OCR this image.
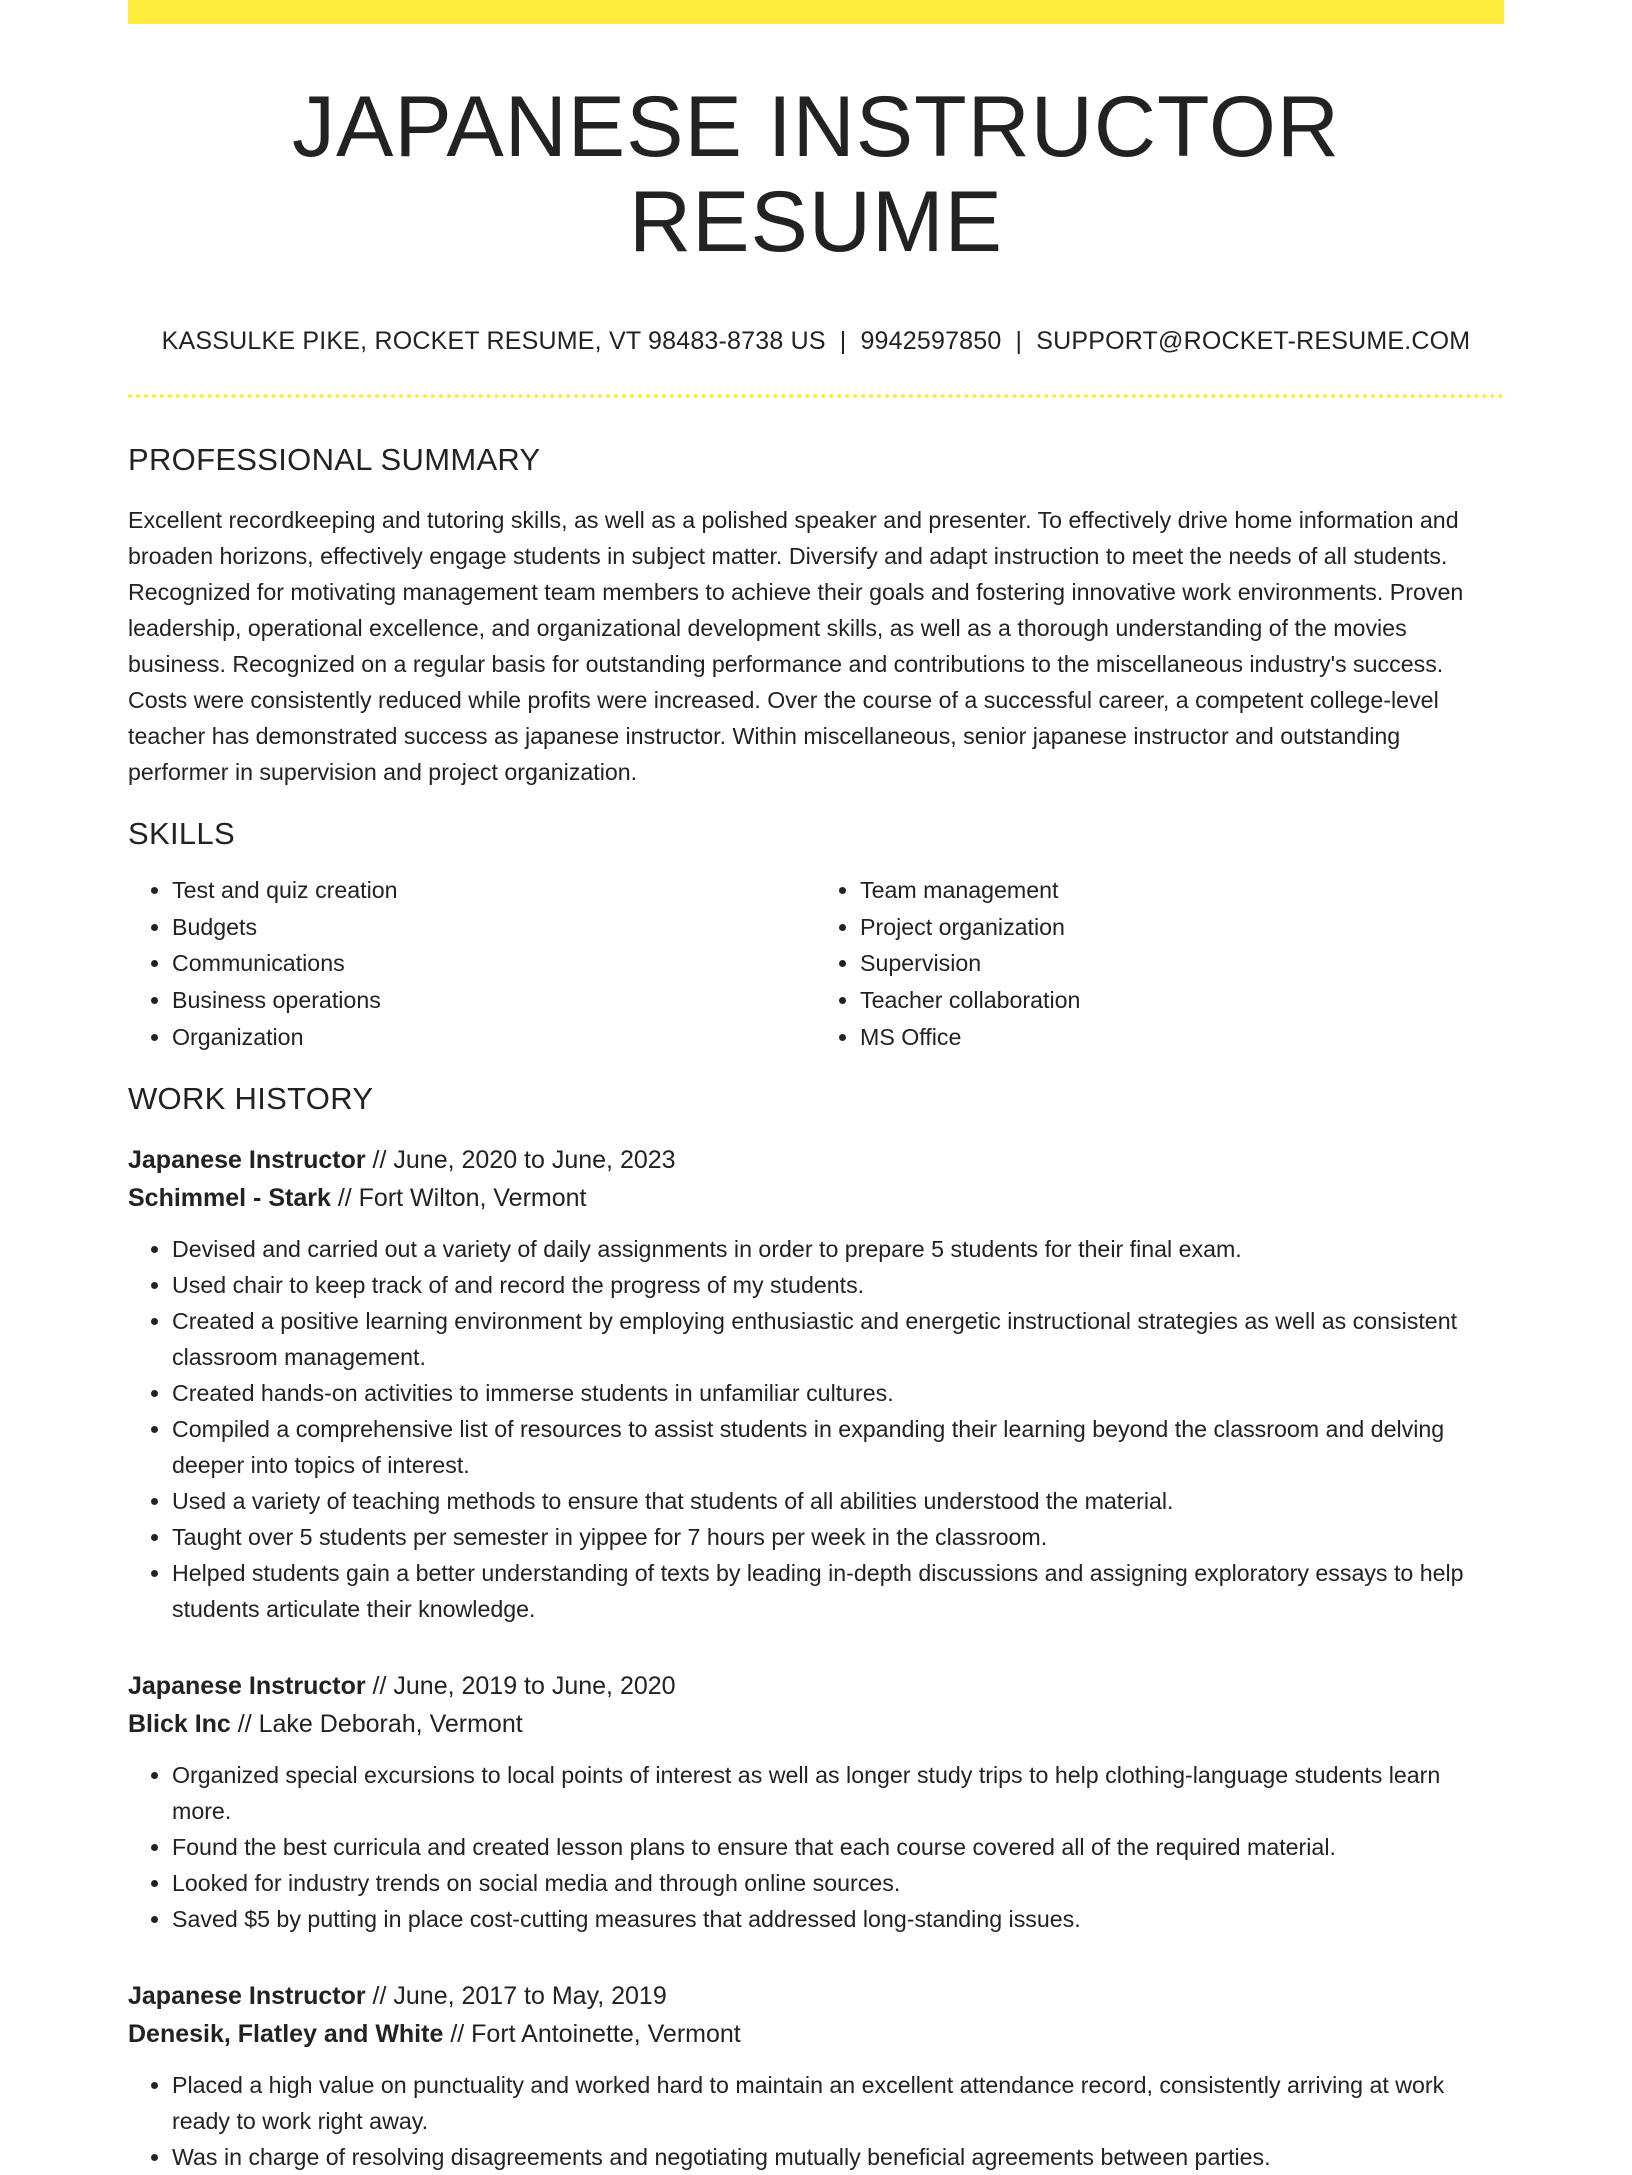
JAPANESE INSTRUCTOR RESUME
KASSULKE PIKE, ROCKET RESUME, VT 98483-8738 US | 9942597850 | SUPPORT@ROCKET-RESUME.COM
PROFESSIONAL SUMMARY
Excellent recordkeeping and tutoring skills, as well as a polished speaker and presenter. To effectively drive home information and broaden horizons, effectively engage students in subject matter. Diversify and adapt instruction to meet the needs of all students. Recognized for motivating management team members to achieve their goals and fostering innovative work environments. Proven leadership, operational excellence, and organizational development skills, as well as a thorough understanding of the movies business. Recognized on a regular basis for outstanding performance and contributions to the miscellaneous industry's success. Costs were consistently reduced while profits were increased. Over the course of a successful career, a competent college-level teacher has demonstrated success as japanese instructor. Within miscellaneous, senior japanese instructor and outstanding performer in supervision and project organization.
SKILLS
• Test and quiz creation
• Budgets
• Communications
• Business operations
• Organization
• Team management
• Project organization
• Supervision
• Teacher collaboration
• MS Office
WORK HISTORY
Japanese Instructor // June, 2020 to June, 2023
Schimmel - Stark // Fort Wilton, Vermont
• Devised and carried out a variety of daily assignments in order to prepare 5 students for their final exam.
• Used chair to keep track of and record the progress of my students.
• Created a positive learning environment by employing enthusiastic and energetic instructional strategies as well as consistent classroom management.
• Created hands-on activities to immerse students in unfamiliar cultures.
• Compiled a comprehensive list of resources to assist students in expanding their learning beyond the classroom and delving deeper into topics of interest.
• Used a variety of teaching methods to ensure that students of all abilities understood the material.
• Taught over 5 students per semester in yippee for 7 hours per week in the classroom.
• Helped students gain a better understanding of texts by leading in-depth discussions and assigning exploratory essays to help students articulate their knowledge.
Japanese Instructor // June, 2019 to June, 2020
Blick Inc // Lake Deborah, Vermont
• Organized special excursions to local points of interest as well as longer study trips to help clothing-language students learn more.
• Found the best curricula and created lesson plans to ensure that each course covered all of the required material.
• Looked for industry trends on social media and through online sources.
• Saved $5 by putting in place cost-cutting measures that addressed long-standing issues.
Japanese Instructor // June, 2017 to May, 2019
Denesik, Flatley and White // Fort Antoinette, Vermont
• Placed a high value on punctuality and worked hard to maintain an excellent attendance record, consistently arriving at work ready to work right away.
• Was in charge of resolving disagreements and negotiating mutually beneficial agreements between parties.
